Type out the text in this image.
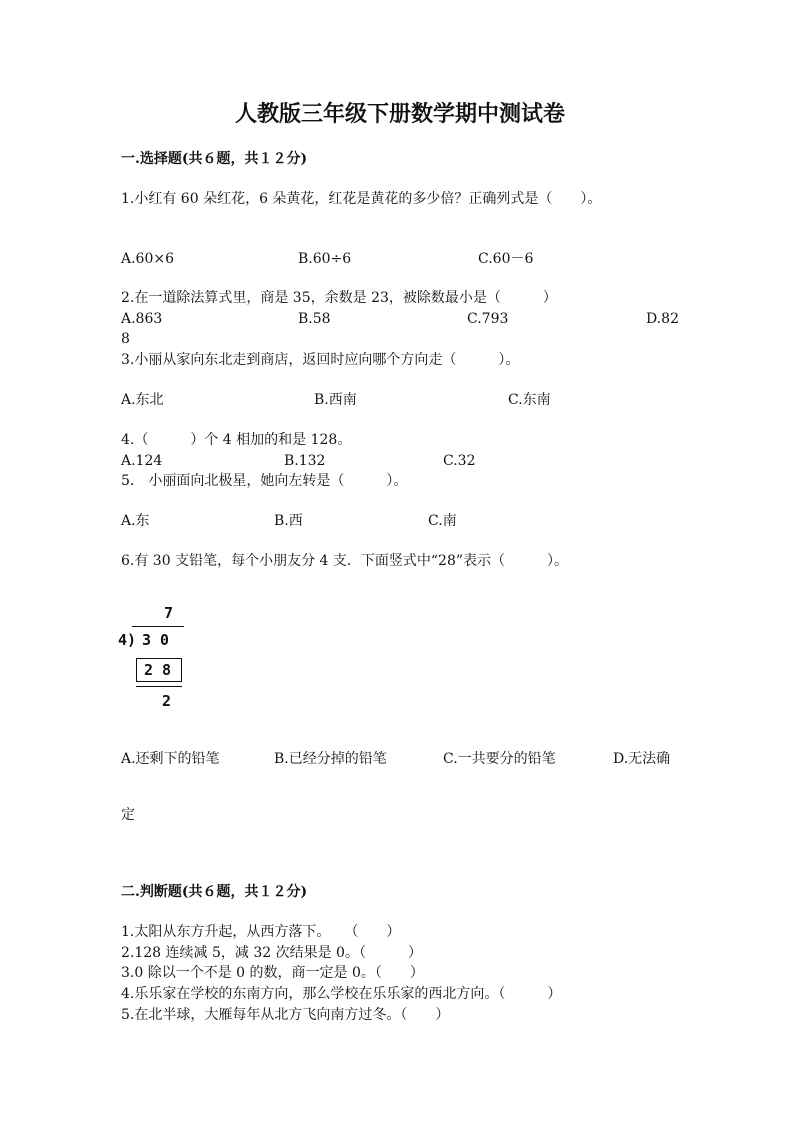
人教版三年级下册数学期中测试卷
一.选择题(共６题，共１２分)
1.小红有 60 朵红花，6 朵黄花，红花是黄花的多少倍？正确列式是（　　）。
A.60×6	B.60÷6	C.60－6
2.在一道除法算式里，商是 35，余数是 23，被除数最小是（　　　）
A.863	B.58	C.793	D.82
8
3.小丽从家向东北走到商店，返回时应向哪个方向走（　　　）。
A.东北	B.西南	C.东南
4.（　　　）个 4 相加的和是 128。
A.124	B.132	C.32
5.　小丽面向北极星，她向左转是（　　　）。
A.东	B.西	C.南
6.有 30 支铅笔，每个小朋友分 4 支．下面竖式中“28”表示（　　　）。
7
4) 3 0
2 8
2
A.还剩下的铅笔	B.已经分掉的铅笔	C.一共要分的铅笔	D.无法确
定
二.判断题(共６题，共１２分)
1.太阳从东方升起，从西方落下。　　（　　）
2.128 连续减 5，减 32 次结果是 0。（　　　）
3.0 除以一个不是 0 的数，商一定是 0。（　　）
4.乐乐家在学校的东南方向，那么学校在乐乐家的西北方向。（　　　）
5.在北半球，大雁每年从北方飞向南方过冬。（　　）
